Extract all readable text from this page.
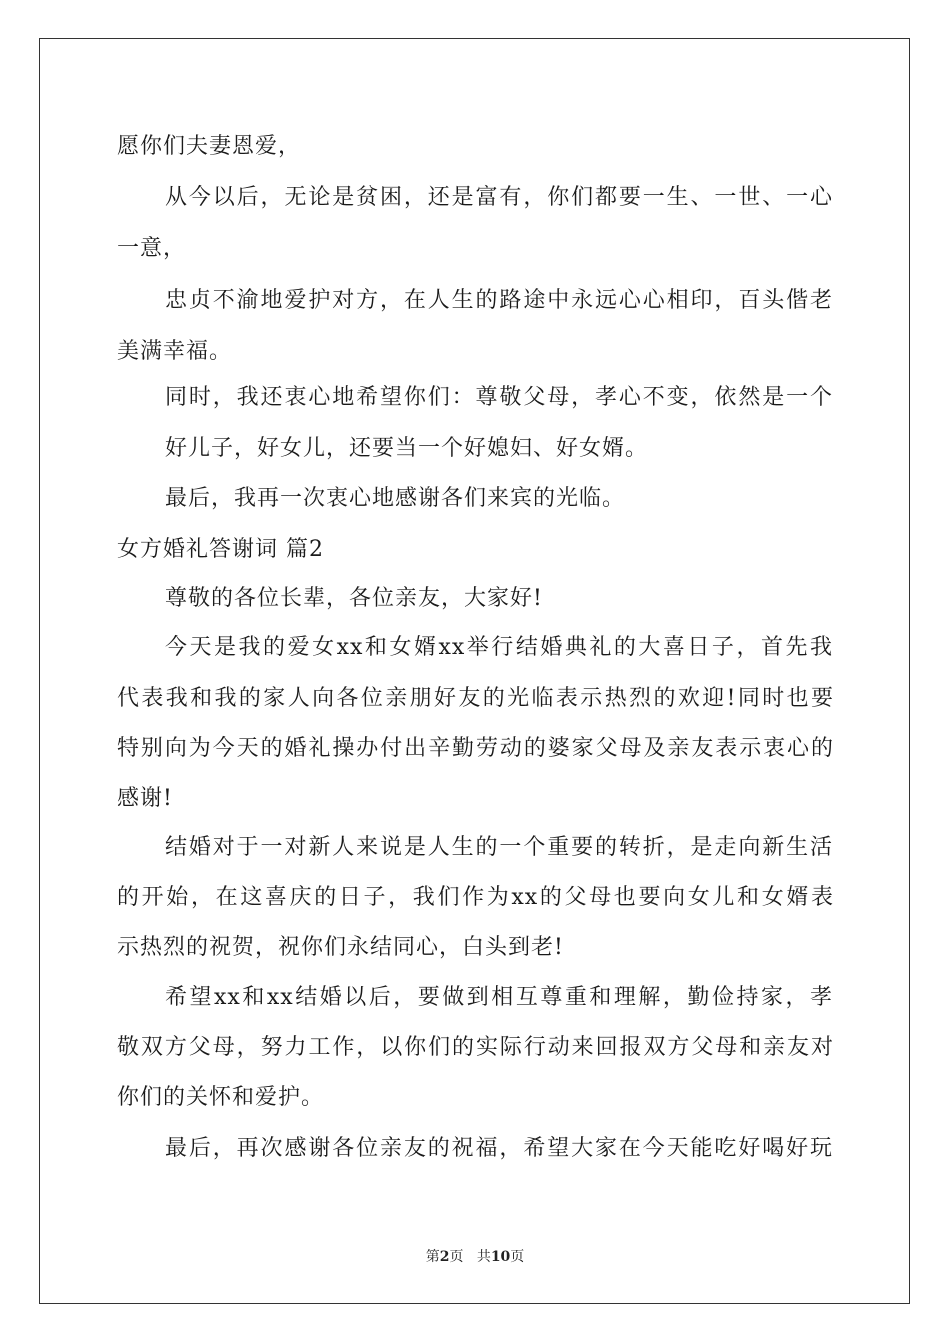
愿你们夫妻恩爱，
从今以后，无论是贫困，还是富有，你们都要一生、一世、一心
一意，
忠贞不渝地爱护对方，在人生的路途中永远心心相印，百头偕老
美满幸福。
同时，我还衷心地希望你们：尊敬父母，孝心不变，依然是一个
好儿子，好女儿，还要当一个好媳妇、好女婿。
最后，我再一次衷心地感谢各们来宾的光临。
女方婚礼答谢词 篇2
尊敬的各位长辈，各位亲友，大家好!
今天是我的爱女xx和女婿xx举行结婚典礼的大喜日子，首先我
代表我和我的家人向各位亲朋好友的光临表示热烈的欢迎!同时也要
特别向为今天的婚礼操办付出辛勤劳动的婆家父母及亲友表示衷心的
感谢!
结婚对于一对新人来说是人生的一个重要的转折，是走向新生活
的开始，在这喜庆的日子，我们作为xx的父母也要向女儿和女婿表
示热烈的祝贺，祝你们永结同心，白头到老!
希望xx和xx结婚以后，要做到相互尊重和理解，勤俭持家，孝
敬双方父母，努力工作，以你们的实际行动来回报双方父母和亲友对
你们的关怀和爱护。
最后，再次感谢各位亲友的祝福，希望大家在今天能吃好喝好玩
第2页 共10页
